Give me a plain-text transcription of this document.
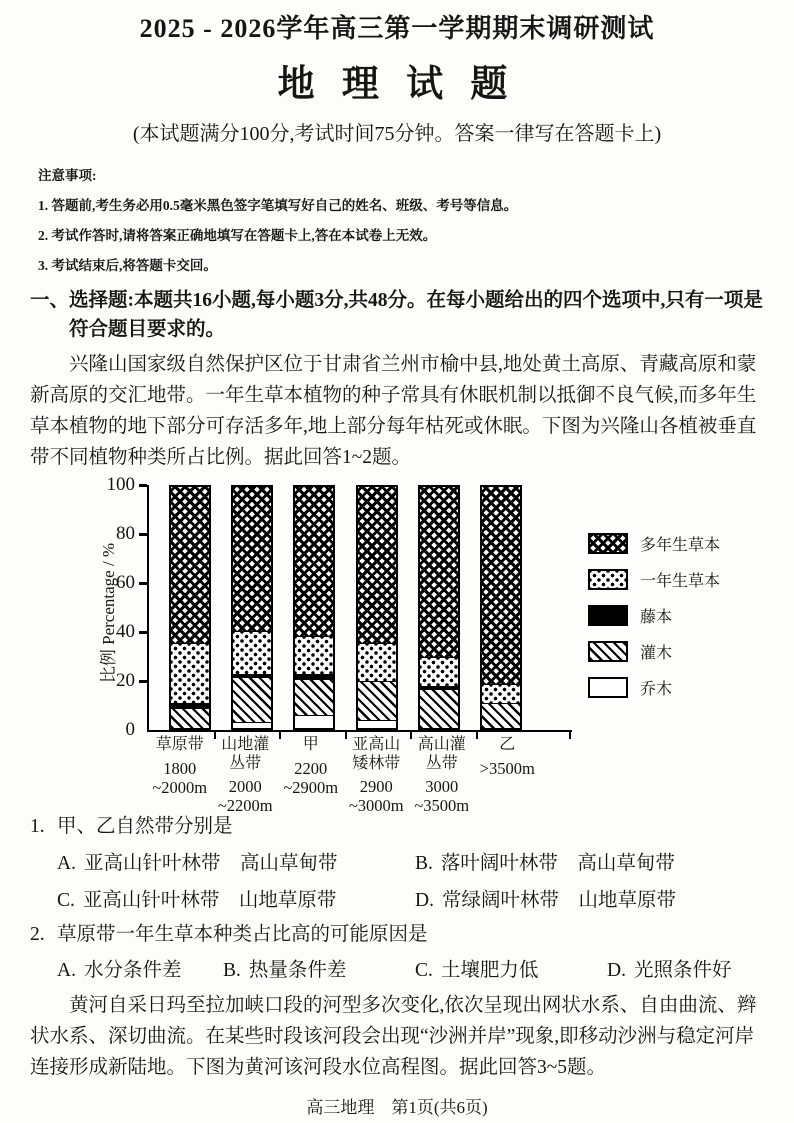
2025 - 2026学年高三第一学期期末调研测试
地 理 试 题
(本试题满分100分,考试时间75分钟。答案一律写在答题卡上)
注意事项:
1. 答题前,考生务必用0.5毫米黑色签字笔填写好自己的姓名、班级、考号等信息。
2. 考试作答时,请将答案正确地填写在答题卡上,答在本试卷上无效。
3. 考试结束后,将答题卡交回。
一、选择题:本题共16小题,每小题3分,共48分。在每小题给出的四个选项中,只有一项是符合题目要求的。
兴隆山国家级自然保护区位于甘肃省兰州市榆中县,地处黄土高原、青藏高原和蒙新高原的交汇地带。一年生草本植物的种子常具有休眠机制以抵御不良气候,而多年生草本植物的地下部分可存活多年,地上部分每年枯死或休眠。下图为兴隆山各植被垂直带不同植物种类所占比例。据此回答1~2题。
比例 Percentage / %
0
20
40
60
80
100
草原带
1800
~2000m
山地灌
丛带
2000
~2200m
甲
2200
~2900m
亚高山
矮林带
2900
~3000m
高山灌
丛带
3000
~3500m
乙
>3500m
多年生草本
一年生草本
藤本
灌木
乔木
1. 甲、乙自然带分别是
A. 亚高山针叶林带　高山草甸带	B. 落叶阔叶林带　高山草甸带
C. 亚高山针叶林带　山地草原带	D. 常绿阔叶林带　山地草原带
2. 草原带一年生草本种类占比高的可能原因是
A. 水分条件差	B. 热量条件差	C. 土壤肥力低	D. 光照条件好
黄河自采日玛至拉加峡口段的河型多次变化,依次呈现出网状水系、自由曲流、辫状水系、深切曲流。在某些时段该河段会出现“沙洲并岸”现象,即移动沙洲与稳定河岸连接形成新陆地。下图为黄河该河段水位高程图。据此回答3~5题。
高三地理　第1页(共6页)
